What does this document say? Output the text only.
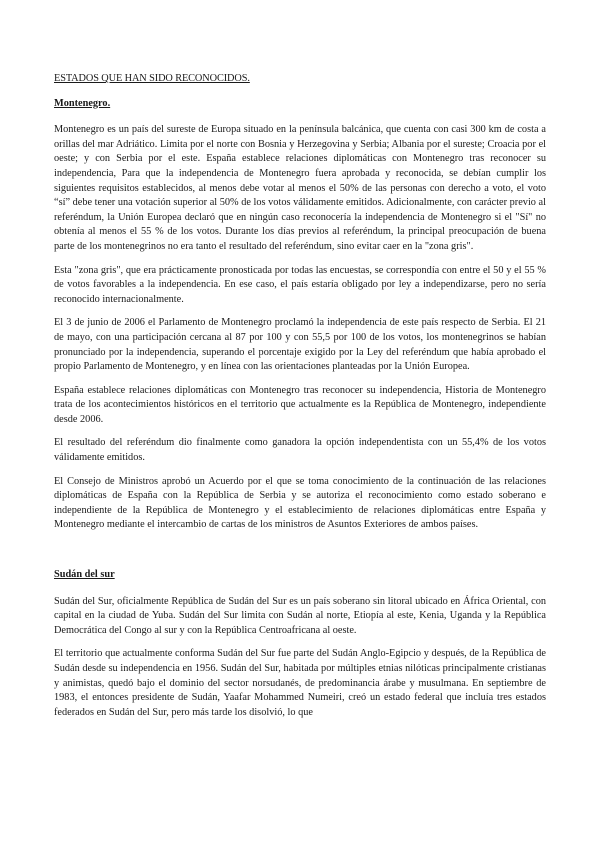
ESTADOS QUE HAN SIDO RECONOCIDOS.
Montenegro.

Montenegro es un país del sureste de Europa situado en la península balcánica, que cuenta con casi 300 km de costa a orillas del mar Adriático. Limita por el norte con Bosnia y Herzegovina y Serbia; Albania por el sureste; Croacia por el oeste; y con Serbia por el este. España establece relaciones diplomáticas con Montenegro tras reconocer su independencia, Para que la independencia de Montenegro fuera aprobada y reconocida, se debían cumplir los siguientes requisitos establecidos, al menos debe votar al menos el 50% de las personas con derecho a voto, el voto “sí” debe tener una votación superior al 50% de los votos válidamente emitidos. Adicionalmente, con carácter previo al referéndum, la Unión Europea declaró que en ningún caso reconocería la independencia de Montenegro si el "Sí" no obtenía al menos el 55 % de los votos. Durante los días previos al referéndum, la principal preocupación de buena parte de los montenegrinos no era tanto el resultado del referéndum, sino evitar caer en la "zona gris".

Esta "zona gris", que era prácticamente pronosticada por todas las encuestas, se correspondía con entre el 50 y el 55 % de votos favorables a la independencia. En ese caso, el país estaría obligado por ley a independizarse, pero no sería reconocido internacionalmente.

El 3 de junio de 2006 el Parlamento de Montenegro proclamó la independencia de este país respecto de Serbia. El 21 de mayo, con una participación cercana al 87 por 100 y con 55,5 por 100 de los votos, los montenegrinos se habían pronunciado por la independencia, superando el porcentaje exigido por la Ley del referéndum que había aprobado el propio Parlamento de Montenegro, y en línea con las orientaciones planteadas por la Unión Europea.

España establece relaciones diplomáticas con Montenegro tras reconocer su independencia, Historia de Montenegro trata de los acontecimientos históricos en el territorio que actualmente es la República de Montenegro, independiente desde 2006.

El resultado del referéndum dio finalmente como ganadora la opción independentista con un 55,4% de los votos válidamente emitidos.

El Consejo de Ministros aprobó un Acuerdo por el que se toma conocimiento de la continuación de las relaciones diplomáticas de España con la República de Serbia y se autoriza el reconocimiento como estado soberano e independiente de la República de Montenegro y el establecimiento de relaciones diplomáticas entre España y Montenegro mediante el intercambio de cartas de los ministros de Asuntos Exteriores de ambos países.

Sudán del sur

Sudán del Sur, oficialmente República de Sudán del Sur es un país soberano sin litoral ubicado en África Oriental, con capital en la ciudad de Yuba. Sudán del Sur limita con Sudán al norte, Etiopía al este, Kenia, Uganda y la República Democrática del Congo al sur y con la República Centroafricana al oeste.

El territorio que actualmente conforma Sudán del Sur fue parte del Sudán Anglo-Egipcio y después, de la República de Sudán desde su independencia en 1956. Sudán del Sur, habitada por múltiples etnias nilóticas principalmente cristianas y animistas, quedó bajo el dominio del sector norsudanés, de predominancia árabe y musulmana. En septiembre de 1983, el entonces presidente de Sudán, Yaafar Mohammed Numeiri, creó un estado federal que incluía tres estados federados en Sudán del Sur, pero más tarde los disolvió, lo que
